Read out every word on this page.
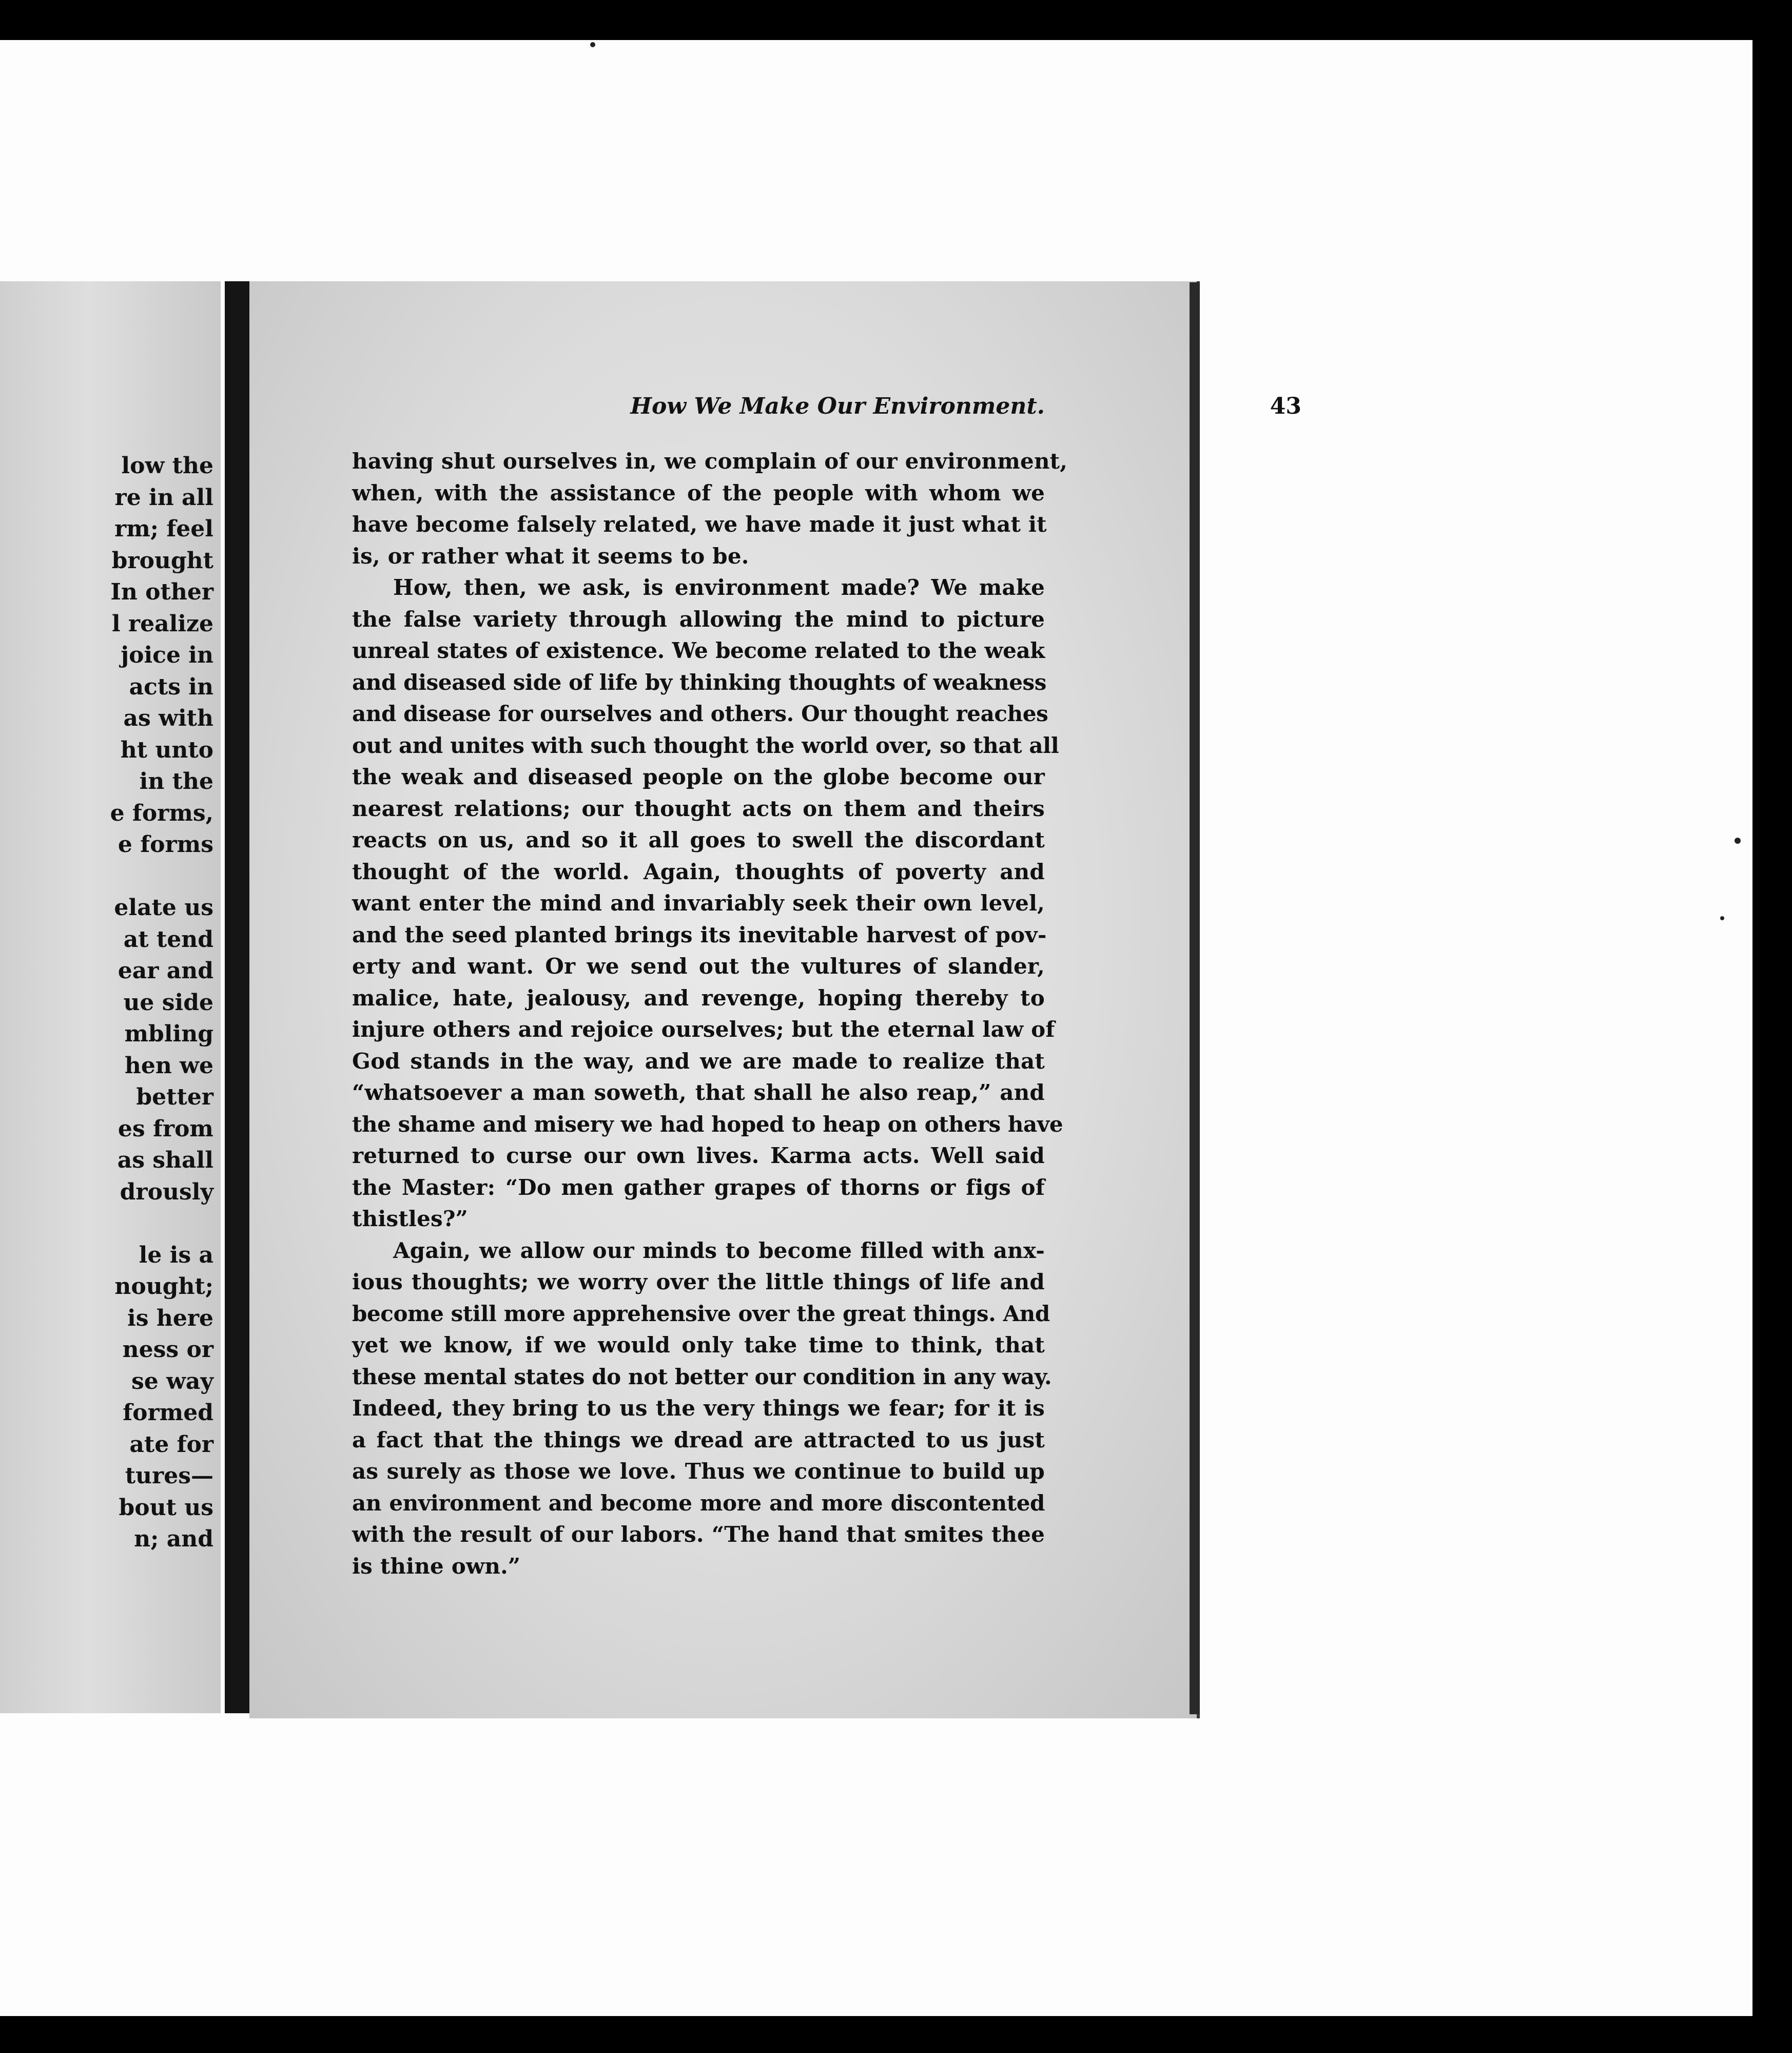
low the
re in all
rm; feel
brought
In other
l realize
joice in
acts in
as with
ht unto
in the
e forms,
e forms
elate us
at tend
ear and
ue side
mbling
hen we
better
es from
as shall
drously
le is a
nought;
is here
ness or
se way
formed
ate for
tures—
bout us
n; and
How We Make Our Environment.	43
having shut ourselves in, we complain of our environment,
when, with the assistance of the people with whom we
have become falsely related, we have made it just what it
is, or rather what it seems to be.
How, then, we ask, is environment made? We make
the false variety through allowing the mind to picture
unreal states of existence. We become related to the weak
and diseased side of life by thinking thoughts of weakness
and disease for ourselves and others. Our thought reaches
out and unites with such thought the world over, so that all
the weak and diseased people on the globe become our
nearest relations; our thought acts on them and theirs
reacts on us, and so it all goes to swell the discordant
thought of the world. Again, thoughts of poverty and
want enter the mind and invariably seek their own level,
and the seed planted brings its inevitable harvest of pov-
erty and want. Or we send out the vultures of slander,
malice, hate, jealousy, and revenge, hoping thereby to
injure others and rejoice ourselves; but the eternal law of
God stands in the way, and we are made to realize that
“whatsoever a man soweth, that shall he also reap,” and
the shame and misery we had hoped to heap on others have
returned to curse our own lives. Karma acts. Well said
the Master: “Do men gather grapes of thorns or figs of
thistles?”
Again, we allow our minds to become filled with anx-
ious thoughts; we worry over the little things of life and
become still more apprehensive over the great things. And
yet we know, if we would only take time to think, that
these mental states do not better our condition in any way.
Indeed, they bring to us the very things we fear; for it is
a fact that the things we dread are attracted to us just
as surely as those we love. Thus we continue to build up
an environment and become more and more discontented
with the result of our labors. “The hand that smites thee
is thine own.”
